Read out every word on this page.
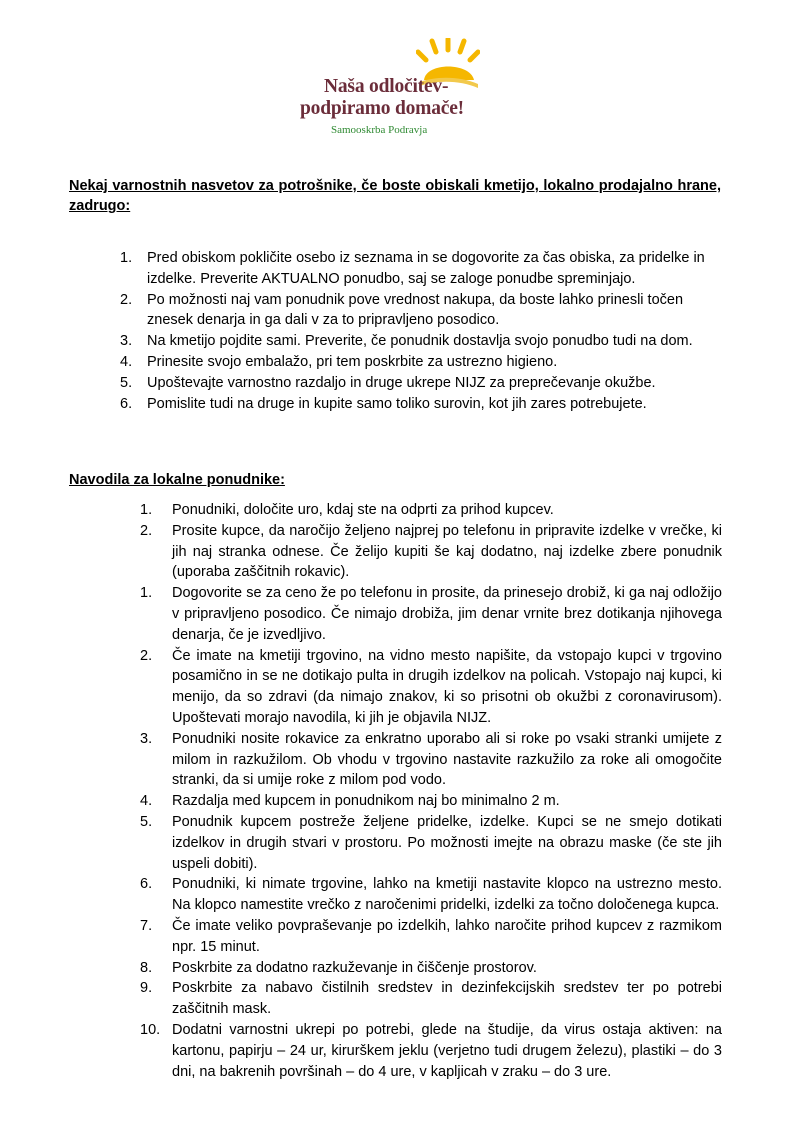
Naša odločitev-
podpiramo domače!
Samooskrba Podravja
Nekaj varnostnih nasvetov za potrošnike, če boste obiskali kmetijo, lokalno prodajalno hrane, zadrugo:
1. Pred obiskom pokličite osebo iz seznama in se dogovorite za čas obiska, za pridelke in izdelke. Preverite AKTUALNO ponudbo, saj se zaloge ponudbe spreminjajo.
2. Po možnosti naj vam ponudnik pove vrednost nakupa, da boste lahko prinesli točen znesek denarja in ga dali v za to pripravljeno posodico.
3. Na kmetijo pojdite sami. Preverite, če ponudnik dostavlja svojo ponudbo tudi na dom.
4. Prinesite svojo embalažo, pri tem poskrbite za ustrezno higieno.
5. Upoštevajte varnostno razdaljo in druge ukrepe NIJZ za preprečevanje okužbe.
6. Pomislite tudi na druge in kupite samo toliko surovin, kot jih zares potrebujete.
Navodila za lokalne ponudnike:
1. Ponudniki, določite uro, kdaj ste na odprti za prihod kupcev.
2. Prosite kupce, da naročijo željeno najprej po telefonu in pripravite izdelke v vrečke, ki jih naj stranka odnese. Če želijo kupiti še kaj dodatno, naj izdelke zbere ponudnik (uporaba zaščitnih rokavic).
1. Dogovorite se za ceno že po telefonu in prosite, da prinesejo drobiž, ki ga naj odložijo v pripravljeno posodico. Če nimajo drobiža, jim denar vrnite brez dotikanja njihovega denarja, če je izvedljivo.
2. Če imate na kmetiji trgovino, na vidno mesto napišite, da vstopajo kupci v trgovino posamično in se ne dotikajo pulta in drugih izdelkov na policah. Vstopajo naj kupci, ki menijo, da so zdravi (da nimajo znakov, ki so prisotni ob okužbi z coronavirusom). Upoštevati morajo navodila, ki jih je objavila NIJZ.
3. Ponudniki nosite rokavice za enkratno uporabo ali si roke po vsaki stranki umijete z milom in razkužilom. Ob vhodu v trgovino nastavite razkužilo za roke ali omogočite stranki, da si umije roke z milom pod vodo.
4. Razdalja med kupcem in ponudnikom naj bo minimalno 2 m.
5. Ponudnik kupcem postreže željene pridelke, izdelke. Kupci se ne smejo dotikati izdelkov in drugih stvari v prostoru. Po možnosti imejte na obrazu maske (če ste jih uspeli dobiti).
6. Ponudniki, ki nimate trgovine, lahko na kmetiji nastavite klopco na ustrezno mesto. Na klopco namestite vrečko z naročenimi pridelki, izdelki za točno določenega kupca.
7. Če imate veliko povpraševanje po izdelkih, lahko naročite prihod kupcev z razmikom npr. 15 minut.
8. Poskrbite za dodatno razkuževanje in čiščenje prostorov.
9. Poskrbite za nabavo čistilnih sredstev in dezinfekcijskih sredstev ter po potrebi zaščitnih mask.
10. Dodatni varnostni ukrepi po potrebi, glede na študije, da virus ostaja aktiven: na kartonu, papirju – 24 ur, kirurškem jeklu (verjetno tudi drugem železu), plastiki – do 3 dni, na bakrenih površinah – do 4 ure, v kapljicah v zraku – do 3 ure.
